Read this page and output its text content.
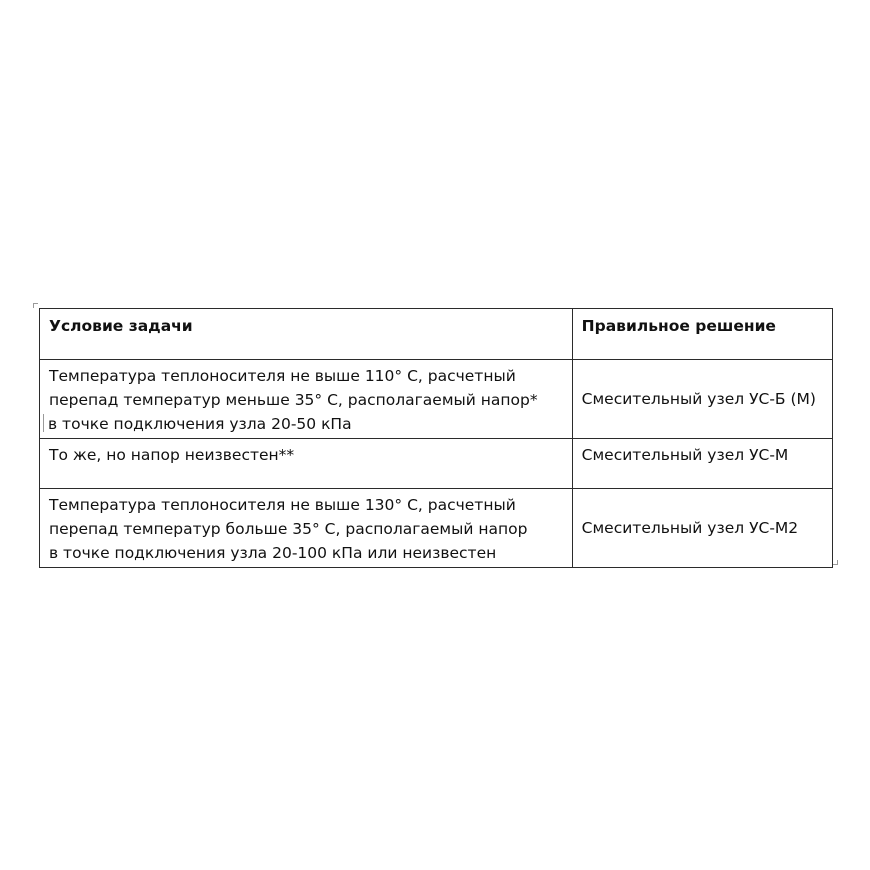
Условие задачи	Правильное решение

Температура теплоносителя не выше 110° С, расчетный
перепад температур меньше 35° С, располагаемый напор*
в точке подключения узла 20-50 кПа	Смесительный узел УС-Б (М)

То же, но напор неизвестен**	Смесительный узел УС-М

Температура теплоносителя не выше 130° С, расчетный
перепад температур больше 35° С, располагаемый напор
в точке подключения узла 20-100 кПа или неизвестен	Смесительный узел УС-М2
